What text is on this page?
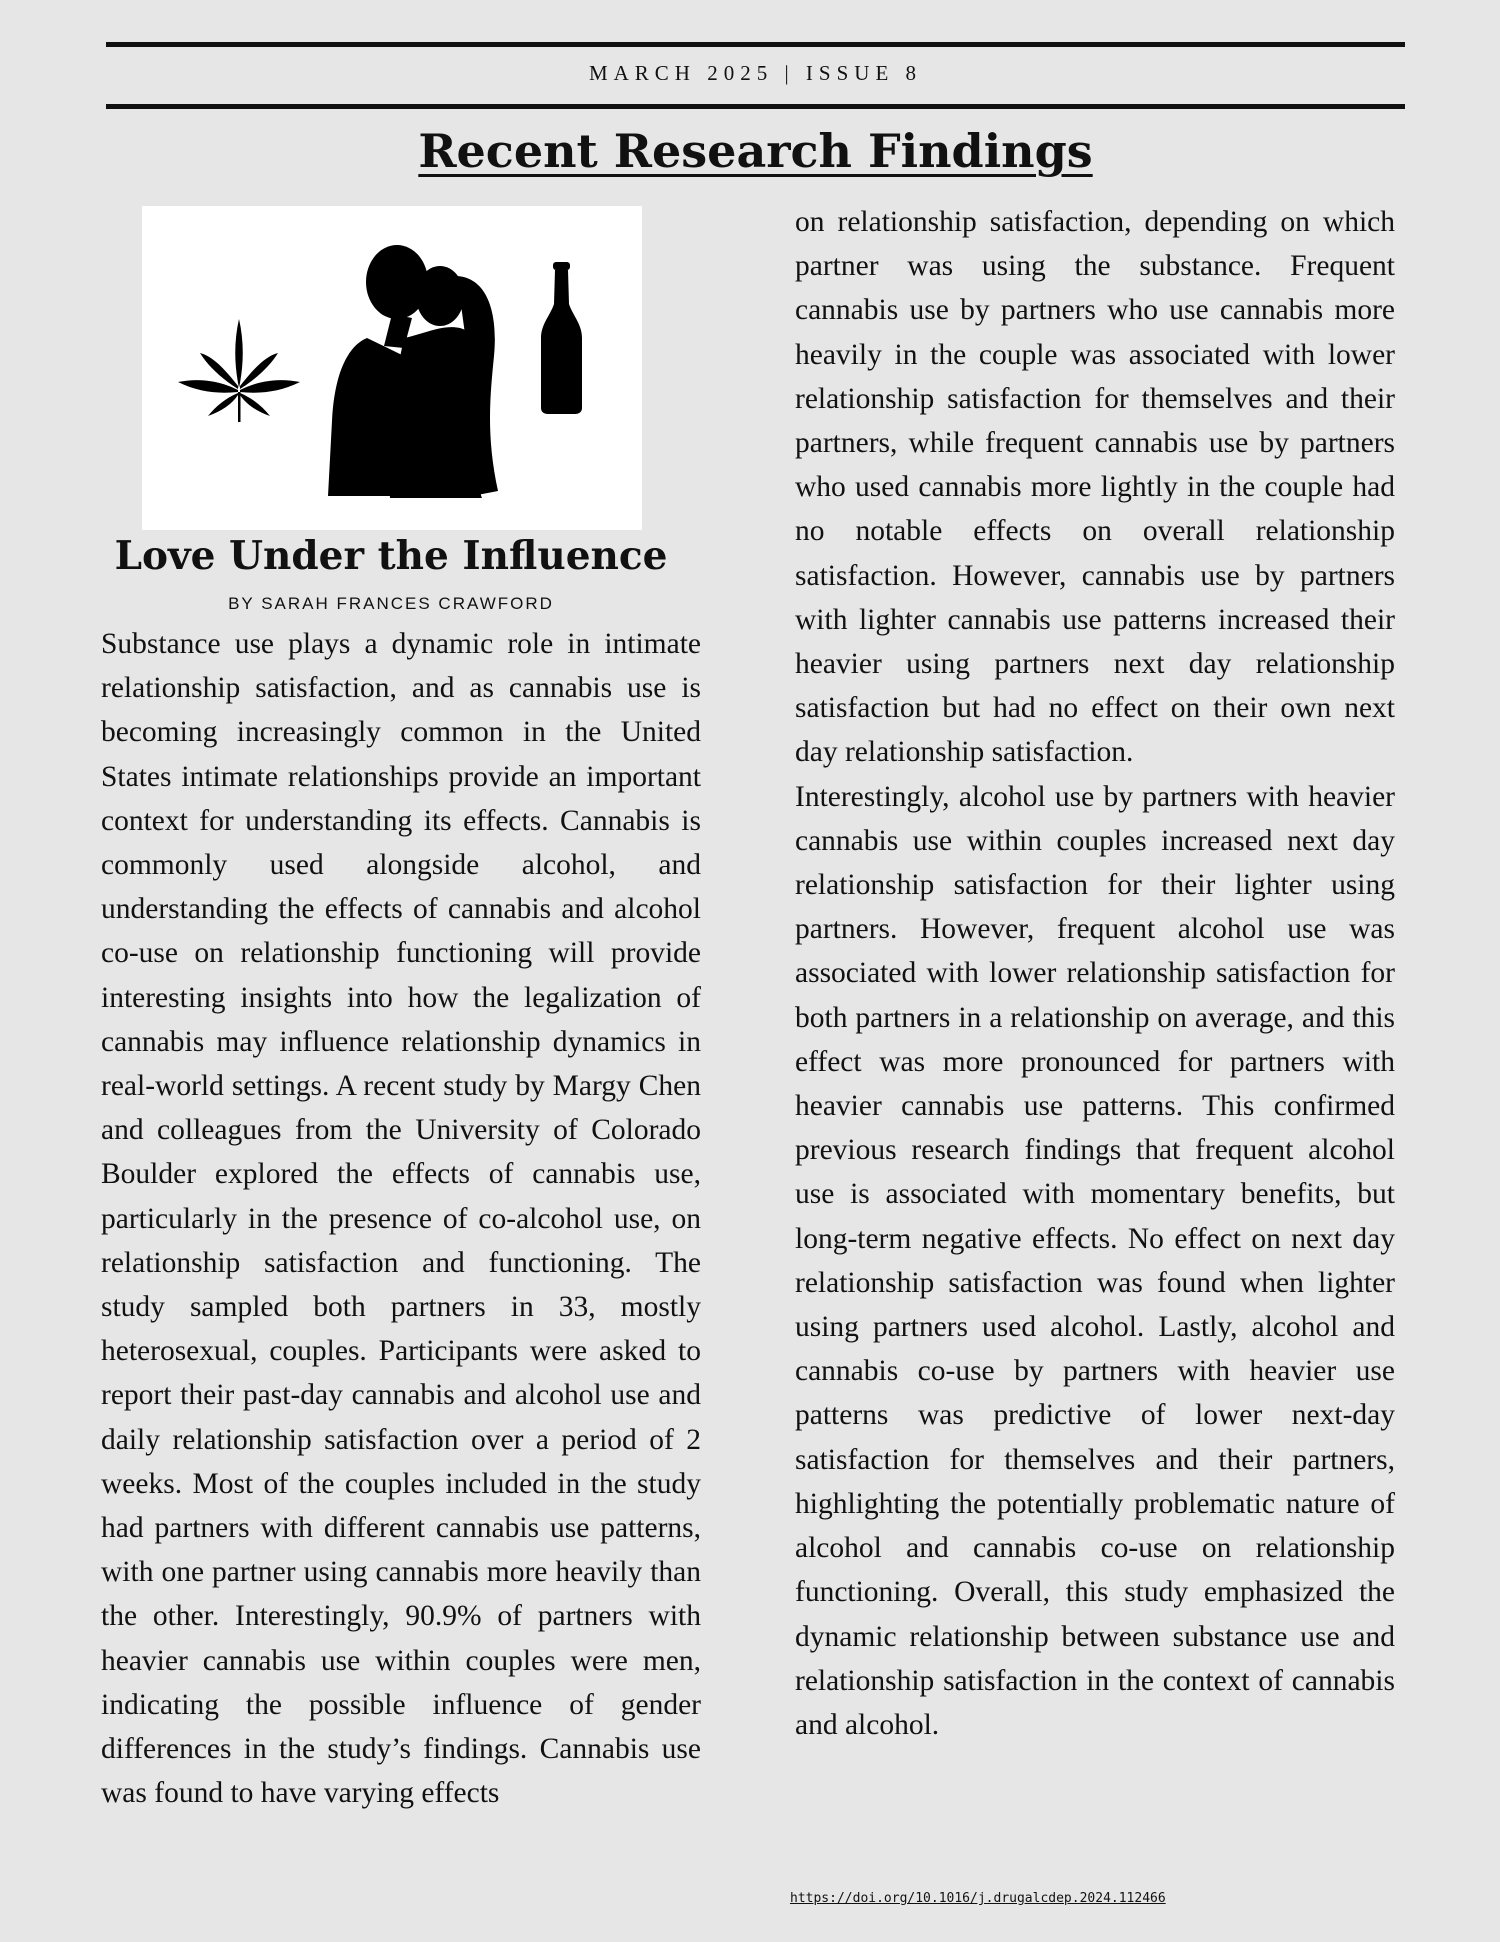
MARCH 2025 | ISSUE 8
Recent Research Findings
Love Under the Influence
BY SARAH FRANCES CRAWFORD

Substance use plays a dynamic role in intimate relationship satisfaction, and as cannabis use is becoming increasingly common in the United States intimate relationships provide an important context for understanding its effects. Cannabis is commonly used alongside alcohol, and understanding the effects of cannabis and alcohol co-use on relationship functioning will provide interesting insights into how the legalization of cannabis may influence relationship dynamics in real-world settings. A recent study by Margy Chen and colleagues from the University of Colorado Boulder explored the effects of cannabis use, particularly in the presence of co-alcohol use, on relationship satisfaction and functioning. The study sampled both partners in 33, mostly heterosexual, couples. Participants were asked to report their past-day cannabis and alcohol use and daily relationship satisfaction over a period of 2 weeks. Most of the couples included in the study had partners with different cannabis use patterns, with one partner using cannabis more heavily than the other. Interestingly, 90.9% of partners with heavier cannabis use within couples were men, indicating the possible influence of gender differences in the study’s findings. Cannabis use was found to have varying effects

on relationship satisfaction, depending on which partner was using the substance. Frequent cannabis use by partners who use cannabis more heavily in the couple was associated with lower relationship satisfaction for themselves and their partners, while frequent cannabis use by partners who used cannabis more lightly in the couple had no notable effects on overall relationship satisfaction. However, cannabis use by partners with lighter cannabis use patterns increased their heavier using partners next day relationship satisfaction but had no effect on their own next day relationship satisfaction.

Interestingly, alcohol use by partners with heavier cannabis use within couples increased next day relationship satisfaction for their lighter using partners. However, frequent alcohol use was associated with lower relationship satisfaction for both partners in a relationship on average, and this effect was more pronounced for partners with heavier cannabis use patterns. This confirmed previous research findings that frequent alcohol use is associated with momentary benefits, but long-term negative effects. No effect on next day relationship satisfaction was found when lighter using partners used alcohol. Lastly, alcohol and cannabis co-use by partners with heavier use patterns was predictive of lower next-day satisfaction for themselves and their partners, highlighting the potentially problematic nature of alcohol and cannabis co-use on relationship functioning. Overall, this study emphasized the dynamic relationship between substance use and relationship satisfaction in the context of cannabis and alcohol.

https://doi.org/10.1016/j.drugalcdep.2024.112466
